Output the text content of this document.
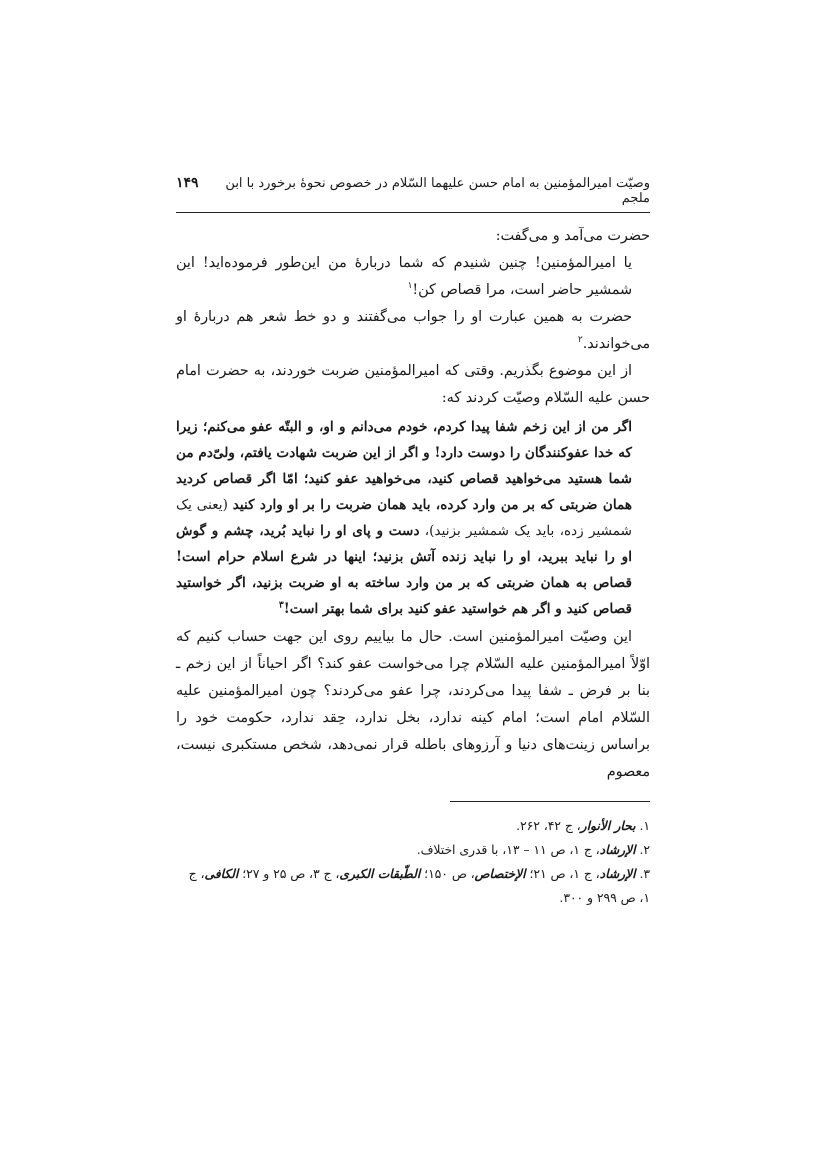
وصیّت امیرالمؤمنین به امام حسن علیهما السّلام در خصوص نحوهٔ برخورد با ابن ملجم
۱۴۹

حضرت می‌آمد و می‌گفت:

یا امیرالمؤمنین! چنین شنیدم که شما دربارهٔ من این‌طور فرموده‌اید! این شمشیر حاضر است، مرا قصاص کن!$^۱$

حضرت به همین عبارت او را جواب می‌گفتند و دو خط شعر هم دربارهٔ او می‌خواندند.$^۲$

از این موضوع بگذریم. وقتی که امیرالمؤمنین ضربت خوردند، به حضرت امام حسن علیه السّلام وصیّت کردند که:

اگر من از این زخم شفا پیدا کردم، خودم می‌دانم و او، و البتّه عفو می‌کنم؛ زیرا که خدا عفوکنندگان را دوست دارد! و اگر از این ضربت شهادت یافتم، ولیّ‌دم من شما هستید می‌خواهید قصاص کنید، می‌خواهید عفو کنید؛ امّا اگر قصاص کردید همان ضربتی که بر من وارد کرده، باید همان ضربت را بر او وارد کنید (یعنی یک شمشیر زده، باید یک شمشیر بزنید)، دست و پای او را نباید بُرید، چشم و گوش او را نباید ببرید، او را نباید زنده آتش بزنید؛ اینها در شرع اسلام حرام است! قصاص به همان ضربتی که بر من وارد ساخته به او ضربت بزنید، اگر خواستید قصاص کنید و اگر هم خواستید عفو کنید برای شما بهتر است!$^۳$

این وصیّت امیرالمؤمنین است. حال ما بیاییم روی این جهت حساب کنیم که اوّلاً امیرالمؤمنین علیه السّلام چرا می‌خواست عفو کند؟ اگر احیاناً از این زخم ـ بنا بر فرض ـ شفا پیدا می‌کردند، چرا عفو می‌کردند؟ چون امیرالمؤمنین علیه السّلام امام است؛ امام کینه ندارد، بخل ندارد، حِقد ندارد، حکومت خود را براساس زینت‌های دنیا و آرزوهای باطله قرار نمی‌دهد، شخص مستکبری نیست، معصوم

۱. بحار الأنوار، ج ۴۲، ۲۶۲.

۲. الإرشاد، ج ۱، ص ۱۱ – ۱۳، با قدری اختلاف.

۳. الإرشاد، ج ۱، ص ۲۱؛ الإختصاص، ص ۱۵۰؛ الطّبقات الکبری، ج ۳، ص ۲۵ و ۲۷؛ الکافی، ج ۱، ص ۲۹۹ و ۳۰۰.
